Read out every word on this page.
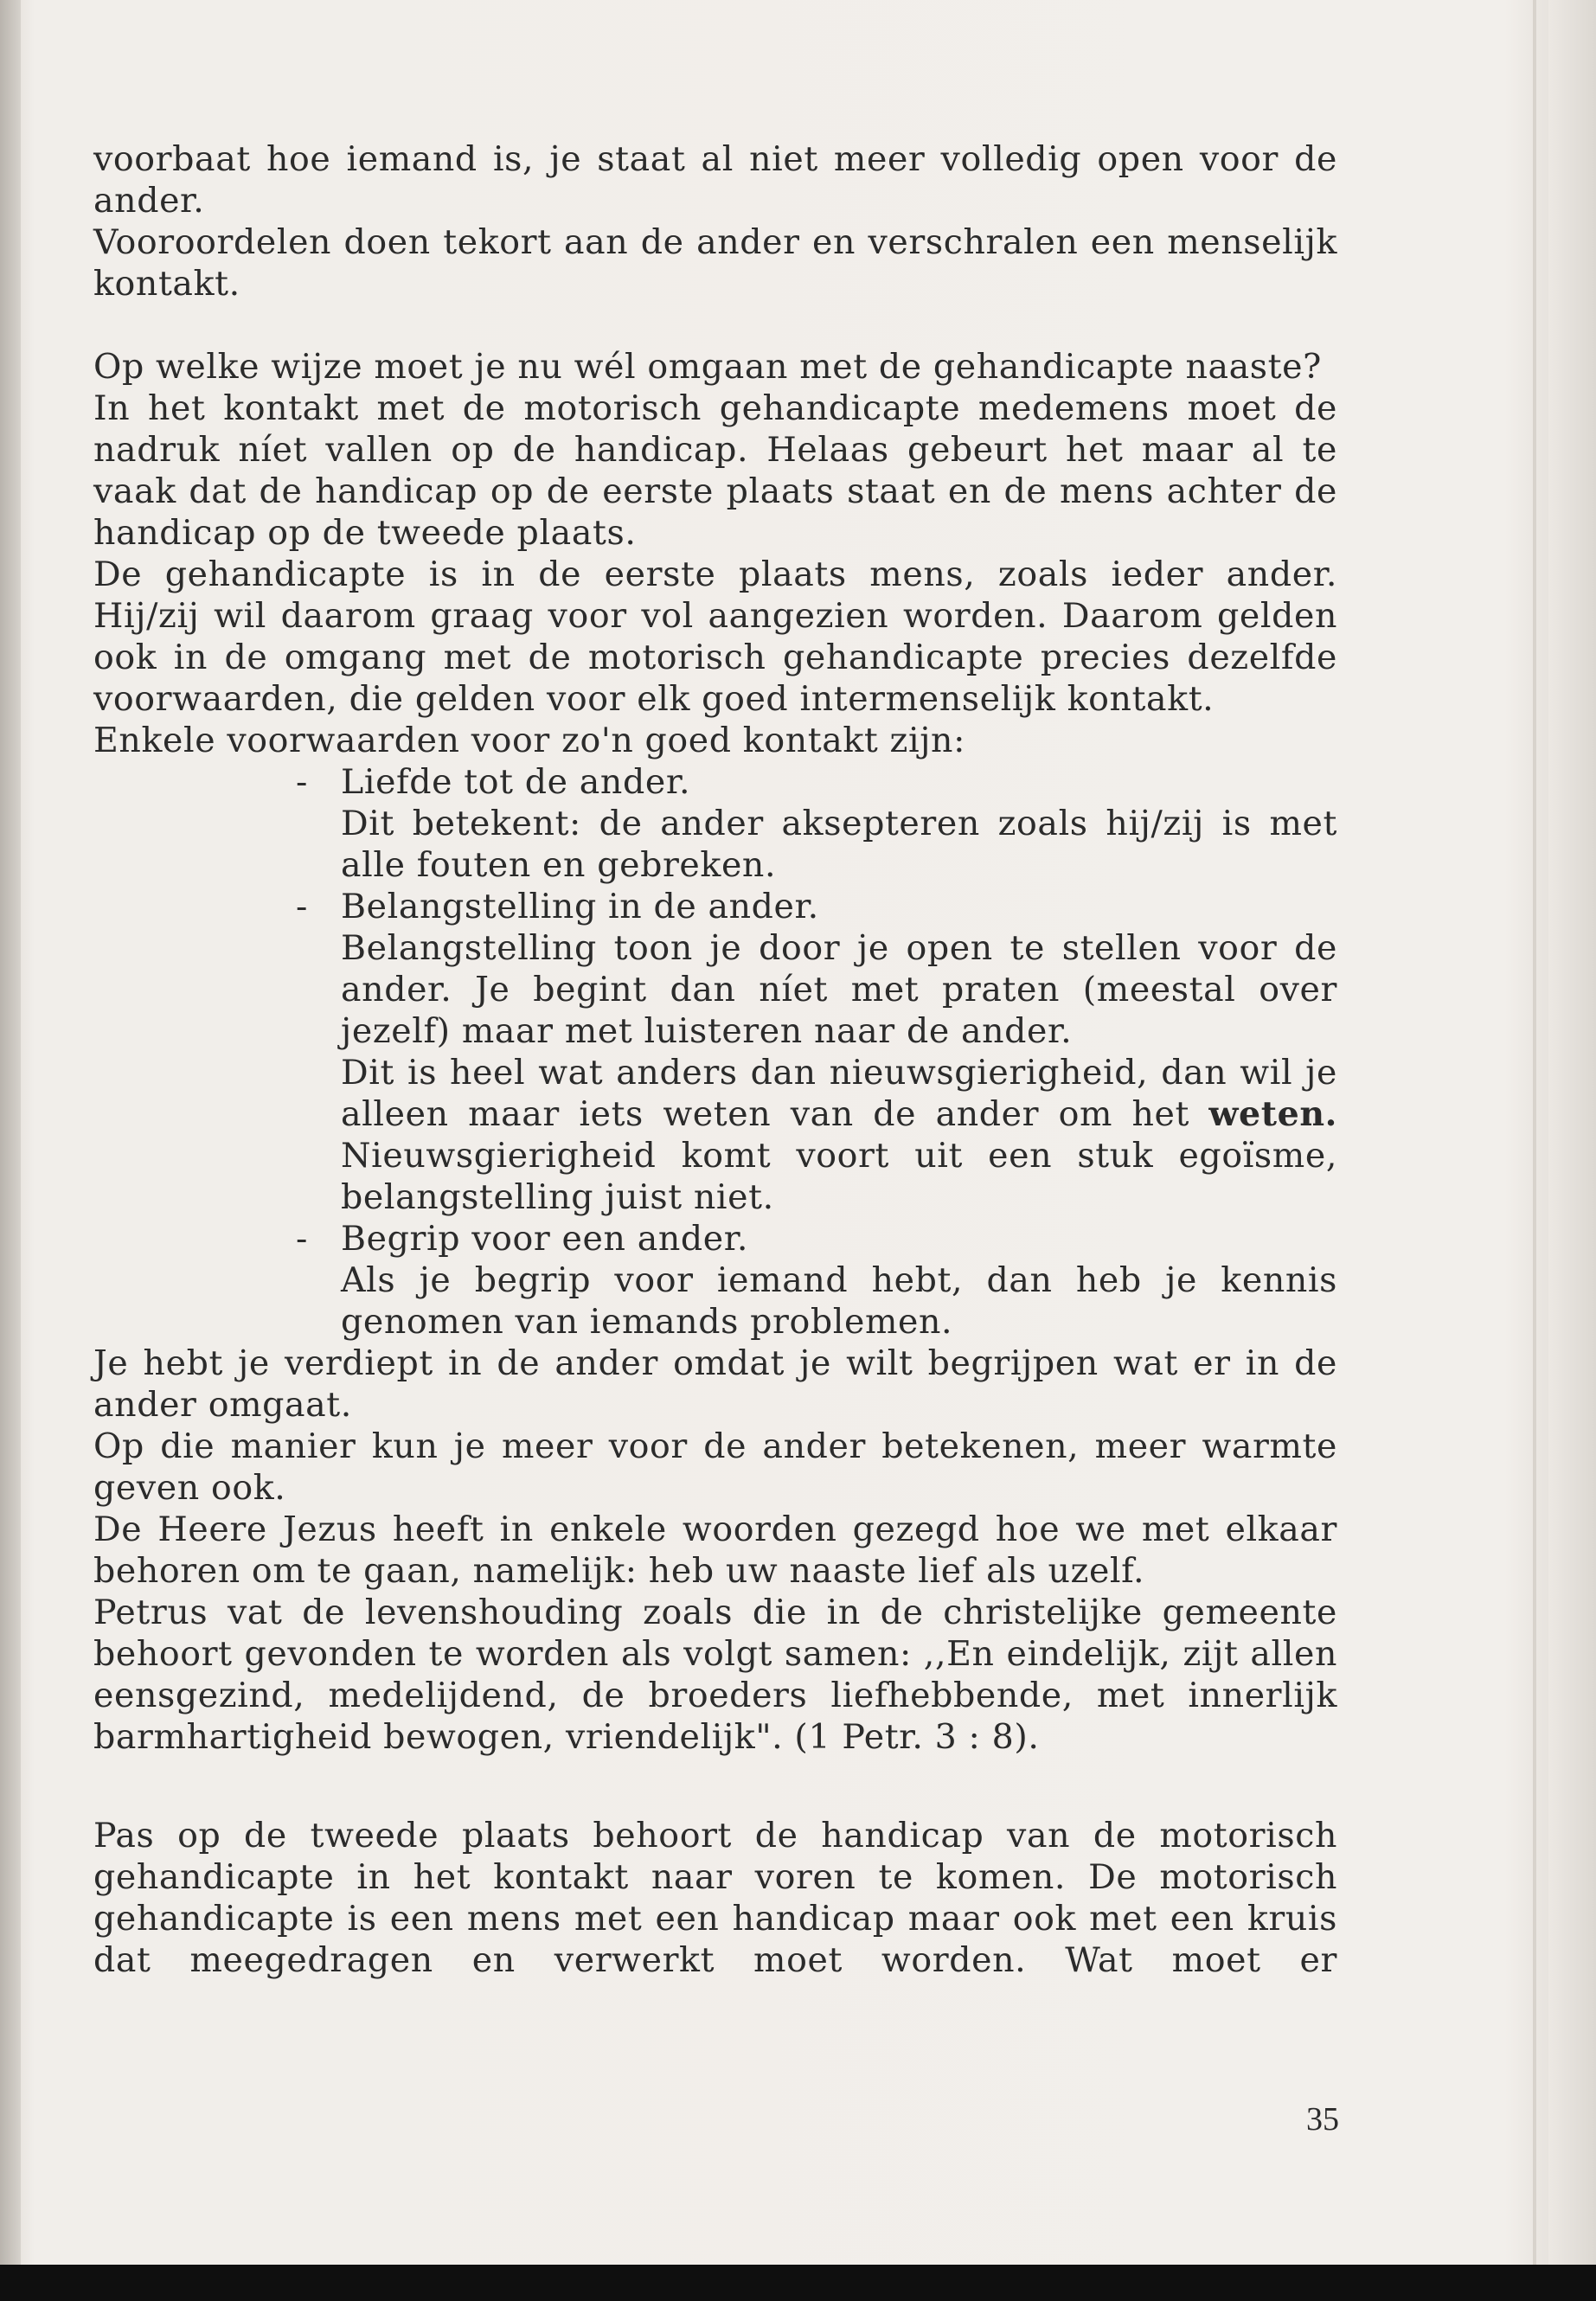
voorbaat hoe iemand is, je staat al niet meer volledig open voor de ander.

Vooroordelen doen tekort aan de ander en verschralen een menselijk kontakt.

Op welke wijze moet je nu wél omgaan met de gehandicapte naaste?

In het kontakt met de motorisch gehandicapte medemens moet de nadruk níet vallen op de handicap. Helaas gebeurt het maar al te vaak dat de handicap op de eerste plaats staat en de mens achter de handicap op de tweede plaats.

De gehandicapte is in de eerste plaats mens, zoals ieder ander. Hij/zij wil daarom graag voor vol aangezien worden. Daarom gelden ook in de omgang met de motorisch gehandicapte precies dezelfde voorwaarden, die gelden voor elk goed intermenselijk kontakt.

Enkele voorwaarden voor zo'n goed kontakt zijn:

- Liefde tot de ander.

Dit betekent: de ander aksepteren zoals hij/zij is met alle fouten en gebreken.

- Belangstelling in de ander.

Belangstelling toon je door je open te stellen voor de ander. Je begint dan níet met praten (meestal over jezelf) maar met luisteren naar de ander.

Dit is heel wat anders dan nieuwsgierigheid, dan wil je alleen maar iets weten van de ander om het weten. Nieuwsgierigheid komt voort uit een stuk egoïsme, belangstelling juist niet.

- Begrip voor een ander.

Als je begrip voor iemand hebt, dan heb je kennis genomen van iemands problemen.

Je hebt je verdiept in de ander omdat je wilt begrijpen wat er in de ander omgaat.

Op die manier kun je meer voor de ander betekenen, meer warmte geven ook.

De Heere Jezus heeft in enkele woorden gezegd hoe we met elkaar behoren om te gaan, namelijk: heb uw naaste lief als uzelf.

Petrus vat de levenshouding zoals die in de christelijke gemeente behoort gevonden te worden als volgt samen: ,,En eindelijk, zijt allen eensgezind, medelijdend, de broeders liefhebbende, met innerlijk barmhartigheid bewogen, vriendelijk". (1 Petr. 3 : 8).

Pas op de tweede plaats behoort de handicap van de motorisch gehandicapte in het kontakt naar voren te komen. De motorisch gehandicapte is een mens met een handicap maar ook met een kruis dat meegedragen en verwerkt moet worden. Wat moet er

35
